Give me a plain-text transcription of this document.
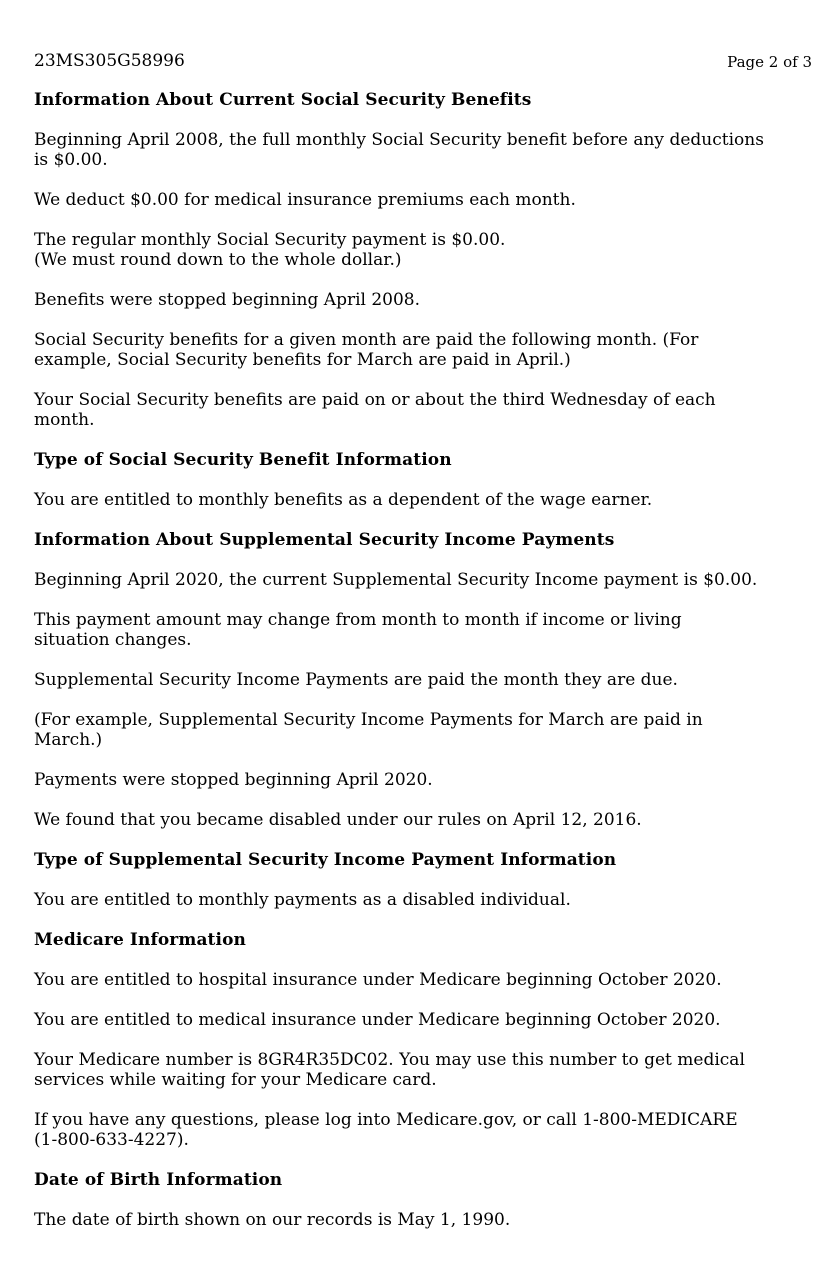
23MS305G58996	Page 2 of 3
Information About Current Social Security Benefits

Beginning April 2008, the full monthly Social Security benefit before any deductions
is $0.00.

We deduct $0.00 for medical insurance premiums each month.

The regular monthly Social Security payment is $0.00.
(We must round down to the whole dollar.)

Benefits were stopped beginning April 2008.

Social Security benefits for a given month are paid the following month. (For
example, Social Security benefits for March are paid in April.)

Your Social Security benefits are paid on or about the third Wednesday of each
month.

Type of Social Security Benefit Information

You are entitled to monthly benefits as a dependent of the wage earner.

Information About Supplemental Security Income Payments

Beginning April 2020, the current Supplemental Security Income payment is $0.00.

This payment amount may change from month to month if income or living
situation changes.

Supplemental Security Income Payments are paid the month they are due.

(For example, Supplemental Security Income Payments for March are paid in
March.)

Payments were stopped beginning April 2020.

We found that you became disabled under our rules on April 12, 2016.

Type of Supplemental Security Income Payment Information

You are entitled to monthly payments as a disabled individual.

Medicare Information

You are entitled to hospital insurance under Medicare beginning October 2020.

You are entitled to medical insurance under Medicare beginning October 2020.

Your Medicare number is 8GR4R35DC02. You may use this number to get medical
services while waiting for your Medicare card.

If you have any questions, please log into Medicare.gov, or call 1-800-MEDICARE
(1-800-633-4227).

Date of Birth Information

The date of birth shown on our records is May 1, 1990.
